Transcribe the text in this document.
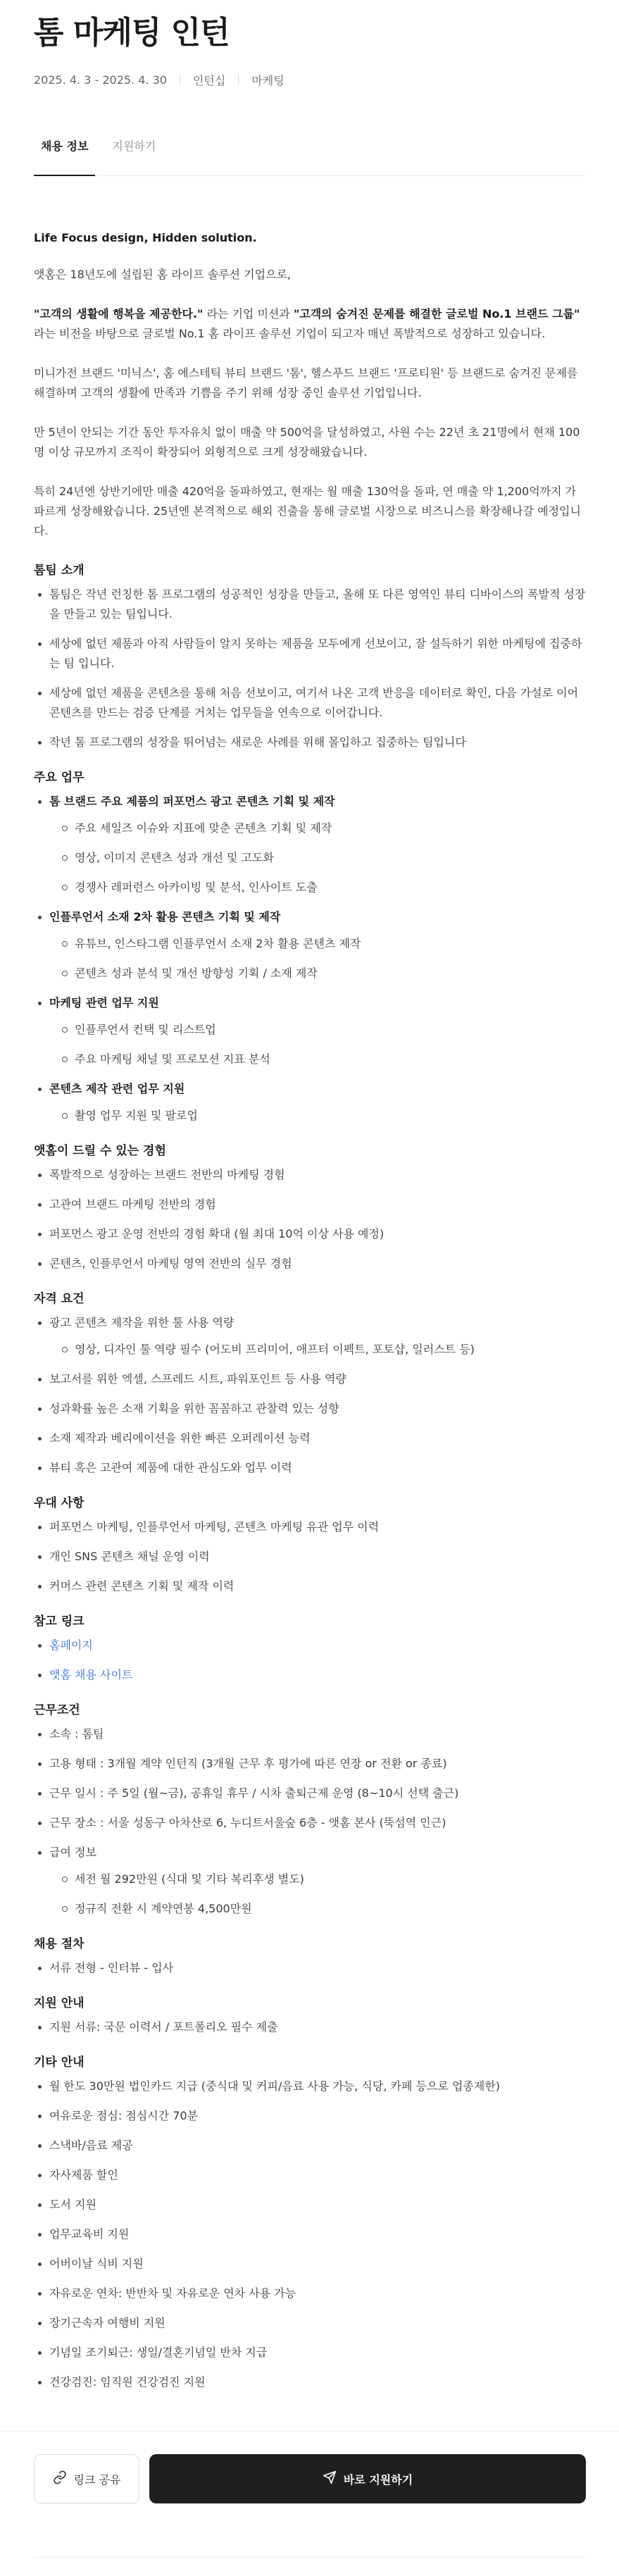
톰 마케팅 인턴
2025. 4. 3 - 2025. 4. 30 인턴십 마케팅
채용 정보	지원하기

Life Focus design, Hidden solution.

앳홈은 18년도에 설립된 홈 라이프 솔루션 기업으로,

"고객의 생활에 행복을 제공한다." 라는 기업 미션과 "고객의 숨겨진 문제를 해결한 글로벌 No.1 브랜드 그룹" 라는 비전을 바탕으로 글로벌 No.1 홈 라이프 솔루션 기업이 되고자 매년 폭발적으로 성장하고 있습니다.

미니가전 브랜드 '미닉스', 홈 에스테틱 뷰티 브랜드 '톰', 헬스푸드 브랜드 '프로티원' 등 브랜드로 숨겨진 문제를 해결하며 고객의 생활에 만족과 기쁨을 주기 위해 성장 중인 솔루션 기업입니다.

만 5년이 안되는 기간 동안 투자유치 없이 매출 약 500억을 달성하였고, 사원 수는 22년 초 21명에서 현재 100명 이상 규모까지 조직이 확장되어 외형적으로 크게 성장해왔습니다.

특히 24년엔 상반기에만 매출 420억을 돌파하였고, 현재는 월 매출 130억을 돌파, 연 매출 약 1,200억까지 가파르게 성장해왔습니다. 25년엔 본격적으로 해외 진출을 통해 글로벌 시장으로 비즈니스를 확장해나갈 예정입니다.

톰팀 소개
톰팀은 작년 런칭한 톰 프로그램의 성공적인 성장을 만들고, 올해 또 다른 영역인 뷰티 디바이스의 폭발적 성장을 만들고 있는 팀입니다.
세상에 없던 제품과 아직 사람들이 알지 못하는 제품을 모두에게 선보이고, 잘 설득하기 위한 마케팅에 집중하는 팀 입니다.
세상에 없던 제품을 콘텐츠를 통해 처음 선보이고, 여기서 나온 고객 반응을 데이터로 확인, 다음 가설로 이어 콘텐츠를 만드는 검증 단계를 거치는 업무들을 연속으로 이어갑니다.
작년 톰 프로그램의 성장을 뛰어넘는 새로운 사례를 위해 몰입하고 집중하는 팀입니다
주요 업무
톰 브랜드 주요 제품의 퍼포먼스 광고 콘텐츠 기획 및 제작
주요 세일즈 이슈와 지표에 맞춘 콘텐츠 기획 및 제작
영상, 이미지 콘텐츠 성과 개선 및 고도화
경쟁사 레퍼런스 아카이빙 및 분석, 인사이트 도출
인플루언서 소재 2차 활용 콘텐츠 기획 및 제작
유튜브, 인스타그램 인플루언서 소재 2차 활용 콘텐츠 제작
콘텐츠 성과 분석 및 개선 방향성 기획 / 소재 제작
마케팅 관련 업무 지원
인플루언서 컨택 및 리스트업
주요 마케팅 채널 및 프로모션 지표 분석
콘텐츠 제작 관련 업무 지원
촬영 업무 지원 및 팔로업
앳홈이 드릴 수 있는 경험
폭발적으로 성장하는 브랜드 전반의 마케팅 경험
고관여 브랜드 마케팅 전반의 경험
퍼포먼스 광고 운영 전반의 경험 확대 (월 최대 10억 이상 사용 예정)
콘텐츠, 인플루언서 마케팅 영역 전반의 실무 경험
자격 요건
광고 콘텐츠 제작을 위한 툴 사용 역량
영상, 디자인 툴 역량 필수 (어도비 프리미어, 애프터 이펙트, 포토샵, 일러스트 등)
보고서를 위한 엑셀, 스프레드 시트, 파워포인트 등 사용 역량
성과확률 높은 소재 기획을 위한 꼼꼼하고 관찰력 있는 성향
소재 제작과 베리에이션을 위한 빠른 오퍼레이션 능력
뷰티 혹은 고관여 제품에 대한 관심도와 업무 이력
우대 사항
퍼포먼스 마케팅, 인플루언서 마케팅, 콘텐츠 마케팅 유관 업무 이력
개인 SNS 콘텐츠 채널 운영 이력
커머스 관련 콘텐츠 기획 및 제작 이력
참고 링크
홈페이지
앳홈 채용 사이트
근무조건
소속 : 톰팀
고용 형태 : 3개월 계약 인턴직 (3개월 근무 후 평가에 따른 연장 or 전환 or 종료)
근무 일시 : 주 5일 (월~금), 공휴일 휴무 / 시차 출퇴근제 운영 (8~10시 선택 출근)
근무 장소 : 서울 성동구 아차산로 6, 누디트서울숲 6층 - 앳홈 본사 (뚝섬역 인근)
급여 정보
세전 월 292만원 (식대 및 기타 복리후생 별도)
정규직 전환 시 계약연봉 4,500만원
채용 절차
서류 전형 - 인터뷰 - 입사
지원 안내
지원 서류: 국문 이력서 / 포트폴리오 필수 제출
기타 안내
월 한도 30만원 법인카드 지급 (중식대 및 커피/음료 사용 가능, 식당, 카페 등으로 업종제한)
여유로운 점심: 점심시간 70분
스낵바/음료 제공
자사제품 할인
도서 지원
업무교육비 지원
어버이날 식비 지원
자유로운 연차: 반반차 및 자유로운 연차 사용 가능
장기근속자 여행비 지원
기념일 조기퇴근: 생일/결혼기념일 반차 지급
건강검진: 임직원 건강검진 지원
링크 공유	바로 지원하기
